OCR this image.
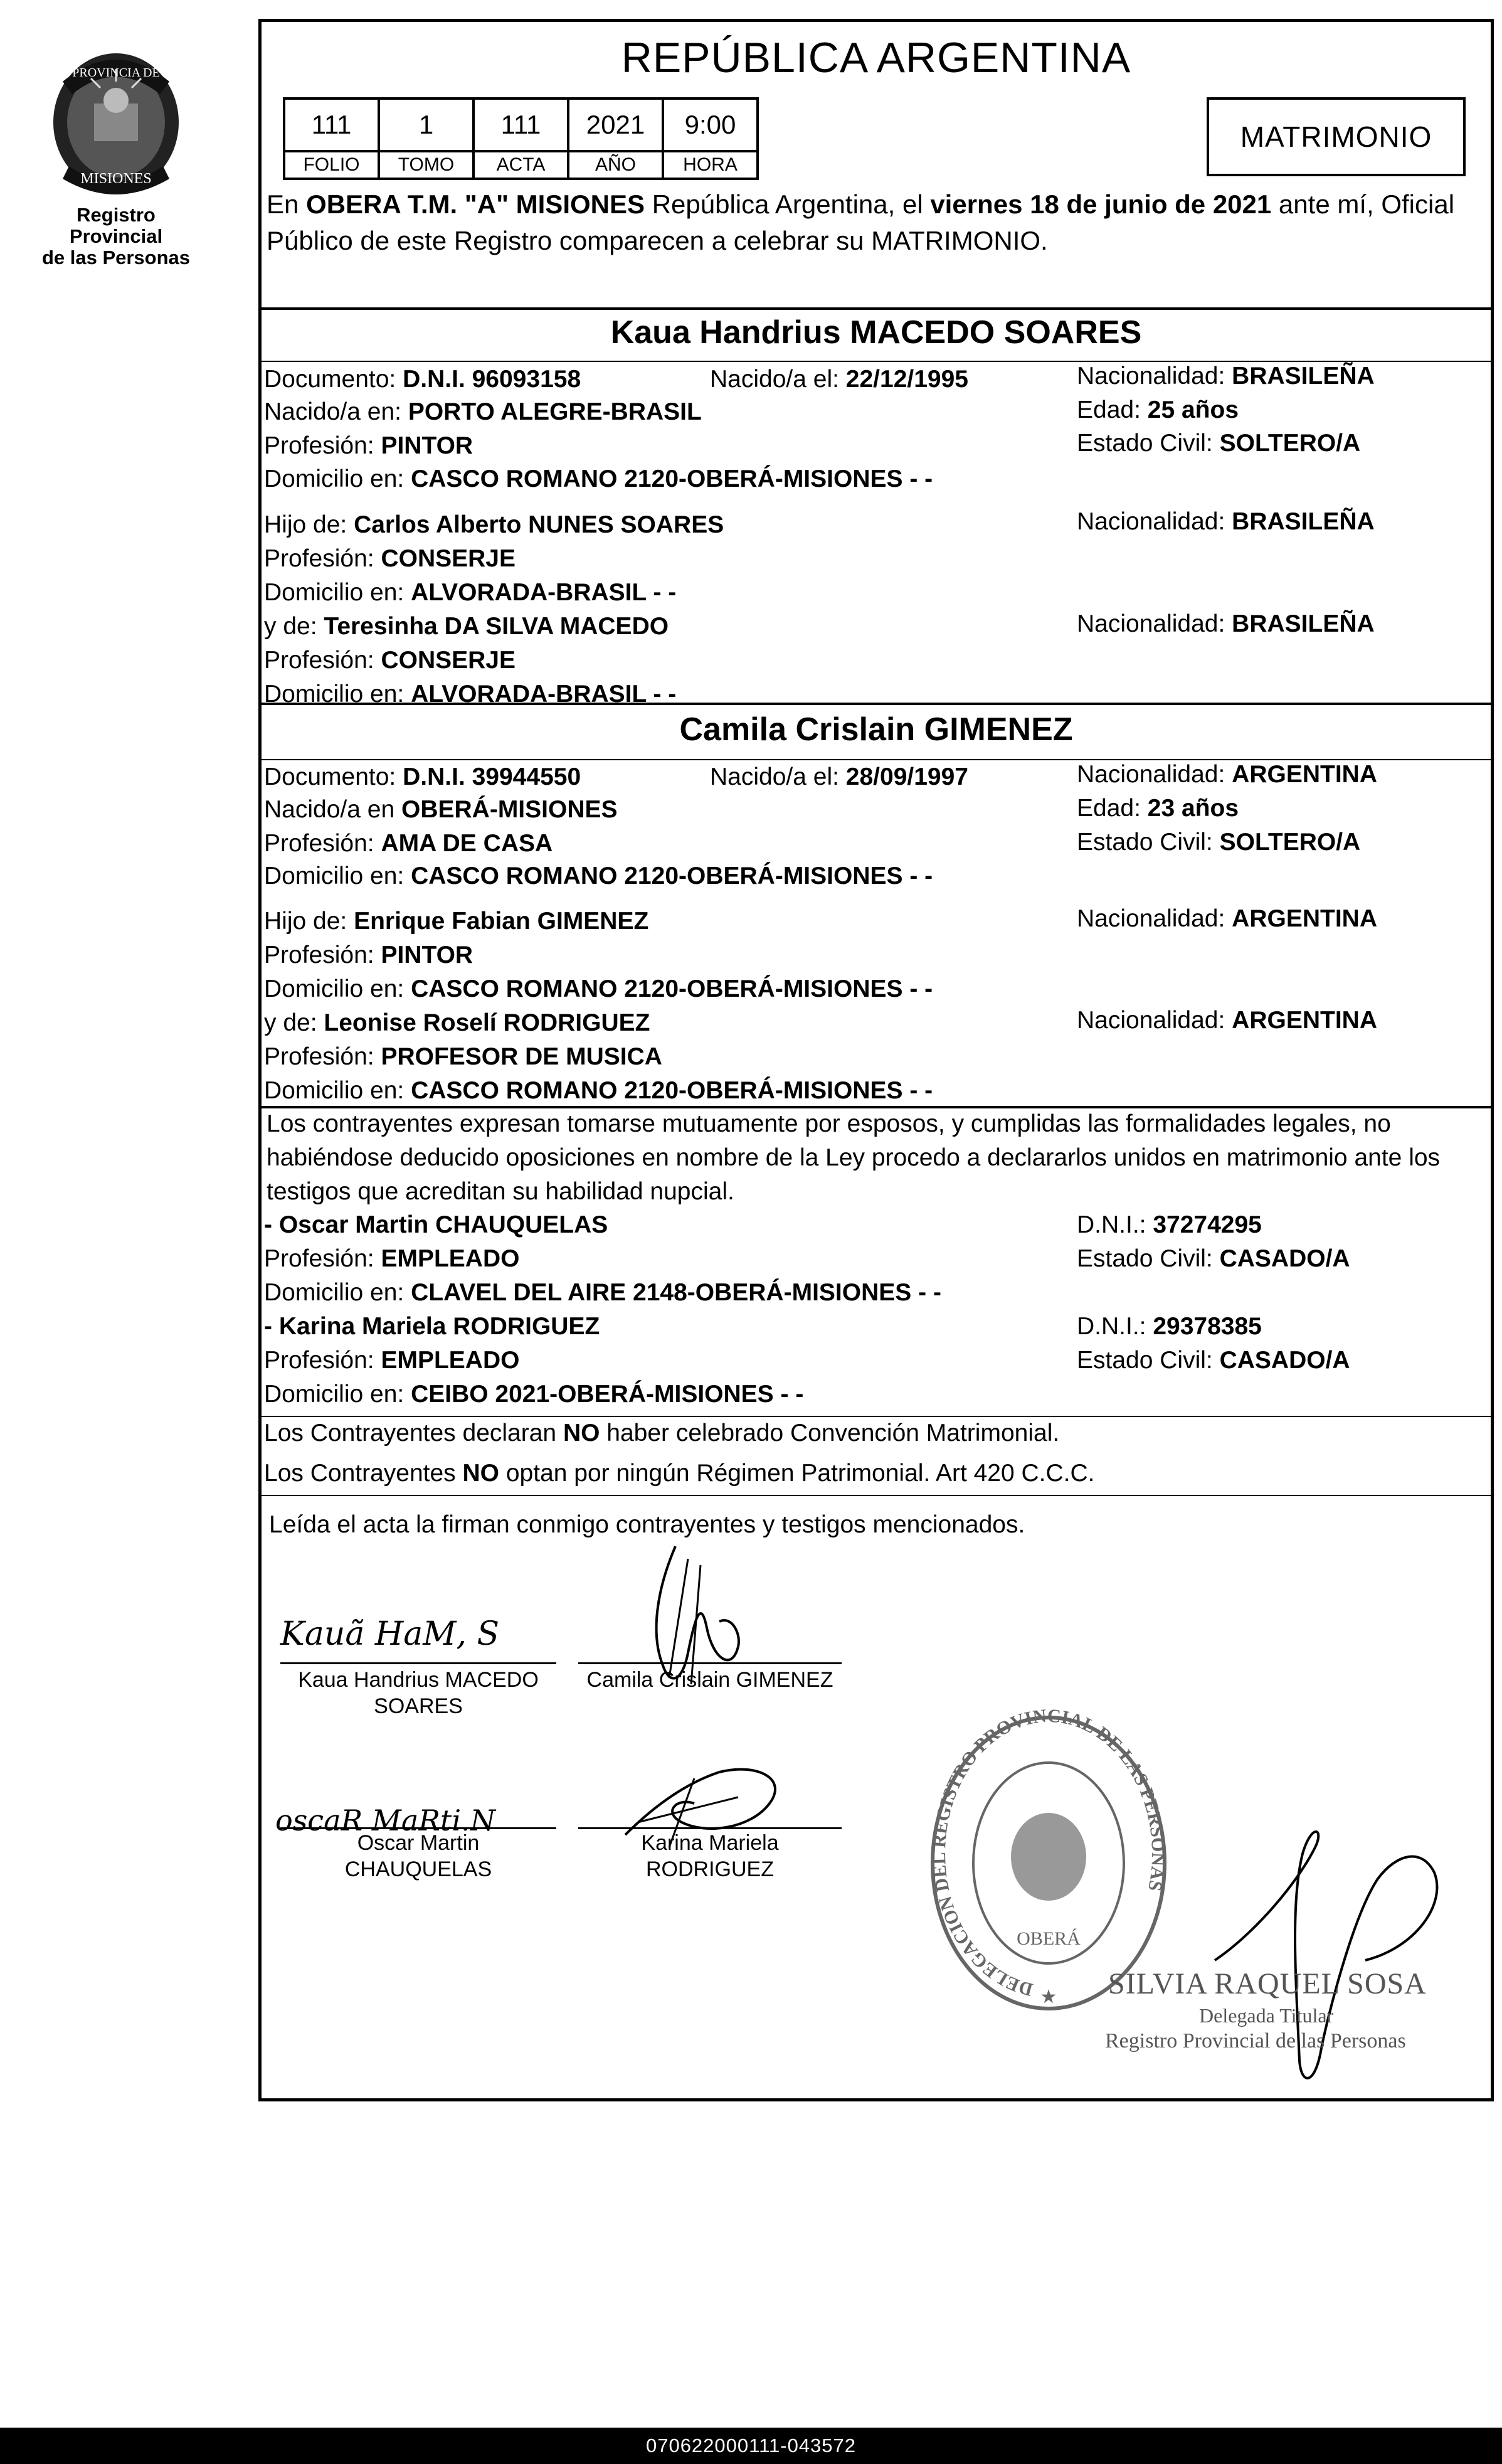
PROVINCIA DE
MISIONES
Registro Provincial
de las Personas
REPÚBLICA ARGENTINA
111	1	111	2021	9:00
FOLIO	TOMO	ACTA	AÑO	HORA
MATRIMONIO
En OBERA T.M. "A" MISIONES República Argentina, el viernes 18 de junio de 2021 ante mí, Oficial Público de este Registro comparecen a celebrar su MATRIMONIO.
Kaua Handrius MACEDO SOARES
Documento: D.N.I. 96093158	Nacido/a el: 22/12/1995	Nacionalidad: BRASILEÑA
Nacido/a en: PORTO ALEGRE-BRASIL	Edad: 25 años
Profesión: PINTOR	Estado Civil: SOLTERO/A
Domicilio en: CASCO ROMANO 2120-OBERÁ-MISIONES - -
Hijo de: Carlos Alberto NUNES SOARES	Nacionalidad: BRASILEÑA
Profesión: CONSERJE
Domicilio en: ALVORADA-BRASIL - -
y de: Teresinha DA SILVA MACEDO	Nacionalidad: BRASILEÑA
Profesión: CONSERJE
Domicilio en: ALVORADA-BRASIL - -
Camila Crislain GIMENEZ
Documento: D.N.I. 39944550	Nacido/a el: 28/09/1997	Nacionalidad: ARGENTINA
Nacido/a en OBERÁ-MISIONES	Edad: 23 años
Profesión: AMA DE CASA	Estado Civil: SOLTERO/A
Domicilio en: CASCO ROMANO 2120-OBERÁ-MISIONES - -
Hijo de: Enrique Fabian GIMENEZ	Nacionalidad: ARGENTINA
Profesión: PINTOR
Domicilio en: CASCO ROMANO 2120-OBERÁ-MISIONES - -
y de: Leonise Roselí RODRIGUEZ	Nacionalidad: ARGENTINA
Profesión: PROFESOR DE MUSICA
Domicilio en: CASCO ROMANO 2120-OBERÁ-MISIONES - -
Los contrayentes expresan tomarse mutuamente por esposos, y cumplidas las formalidades legales, no habiéndose deducido oposiciones en nombre de la Ley procedo a declararlos unidos en matrimonio ante los testigos que acreditan su habilidad nupcial.
- Oscar Martin CHAUQUELAS	D.N.I.: 37274295
Profesión: EMPLEADO	Estado Civil: CASADO/A
Domicilio en: CLAVEL DEL AIRE 2148-OBERÁ-MISIONES - -
- Karina Mariela RODRIGUEZ	D.N.I.: 29378385
Profesión: EMPLEADO	Estado Civil: CASADO/A
Domicilio en: CEIBO 2021-OBERÁ-MISIONES - -
Los Contrayentes declaran NO haber celebrado Convención Matrimonial.
Los Contrayentes NO optan por ningún Régimen Patrimonial. Art 420 C.C.C.
Leída el acta la firman conmigo contrayentes y testigos mencionados.
Kauã HaM, S
Kaua Handrius MACEDO
SOARES
Camila Crislain GIMENEZ
oscaR MaRti.N
Oscar Martin
CHAUQUELAS
Karina Mariela
RODRIGUEZ
DELEGACION DEL REGISTRO PROVINCIAL DE LAS PERSONAS
OBERÁ
★ SILVIA RAQUEL SOSA
Delegada Titular
Registro Provincial de las Personas
070622000111-043572
